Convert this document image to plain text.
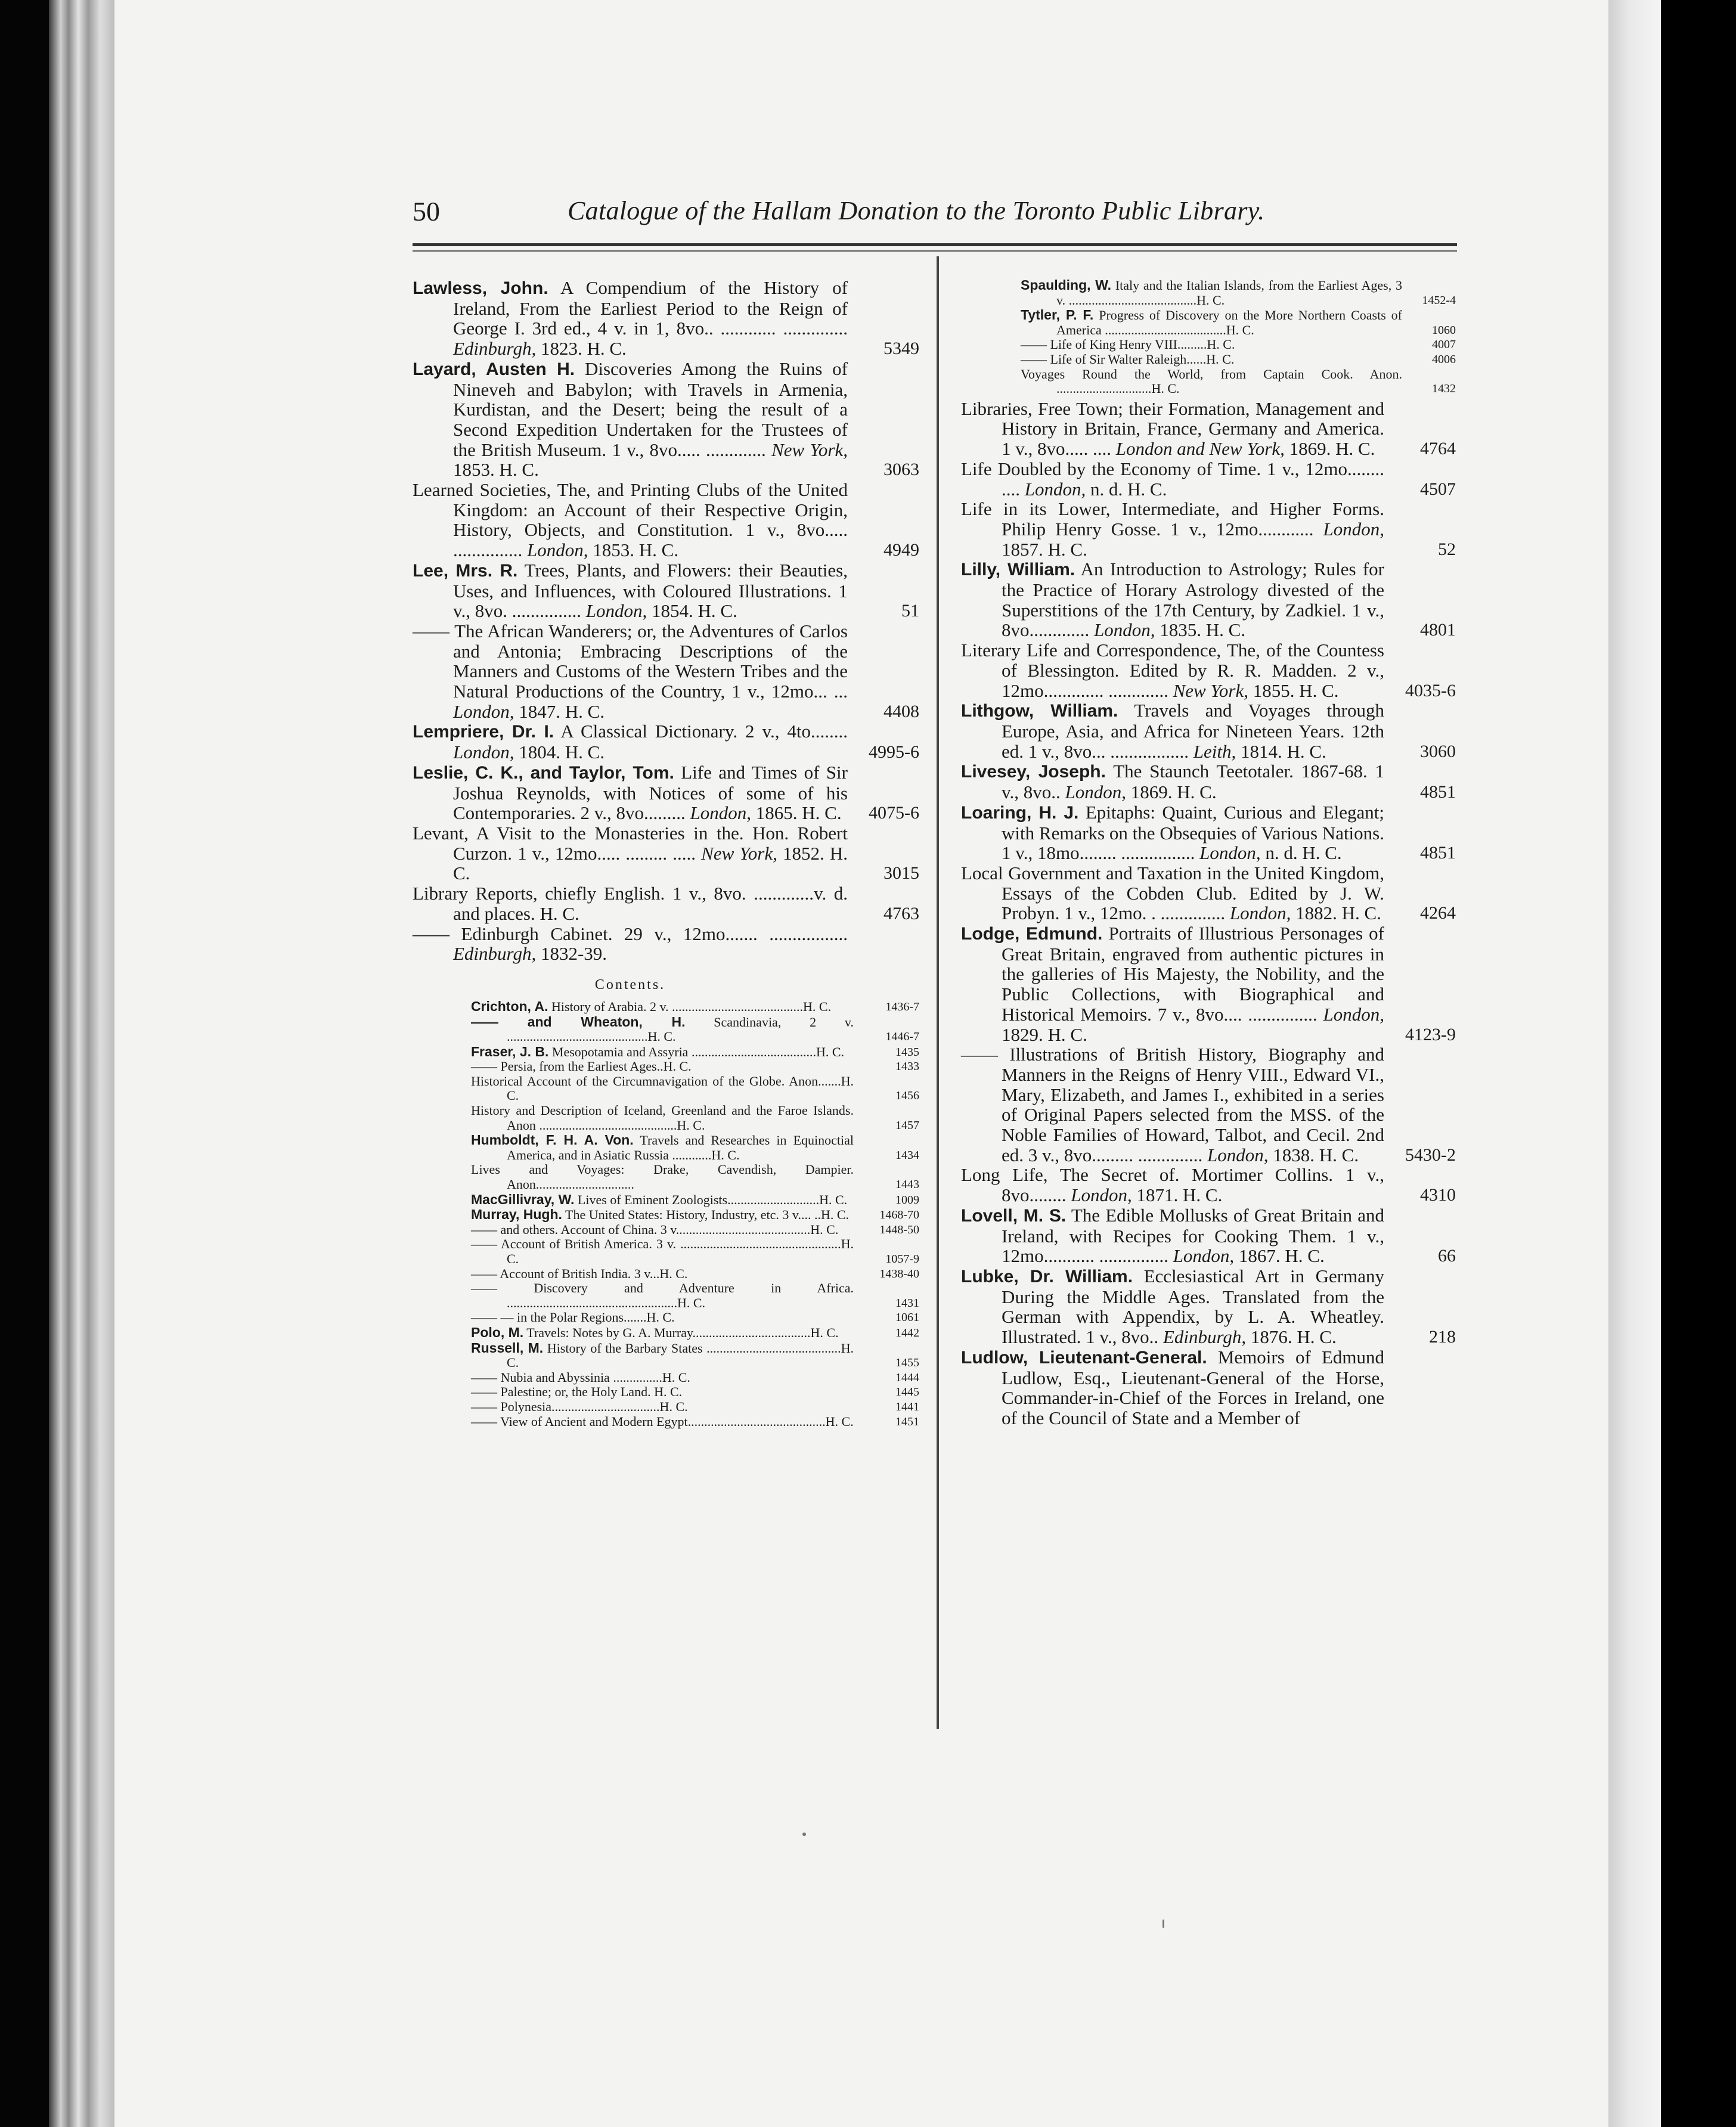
50	Catalogue of the Hallam Donation to the Toronto Public Library.
Lawless, John. A Compendium of the History of Ireland, From the Earliest Period to the Reign of George I. 3rd ed., 4 v. in 1, 8vo.. ............ .............. Edinburgh, 1823. H. C.	5349
Layard, Austen H. Discoveries Among the Ruins of Nineveh and Babylon; with Travels in Armenia, Kurdistan, and the Desert; being the result of a Second Expedition Undertaken for the Trustees of the British Museum. 1 v., 8vo..... ............. New York, 1853. H. C.	3063
Learned Societies, The, and Printing Clubs of the United Kingdom: an Account of their Respective Origin, History, Objects, and Constitution. 1 v., 8vo..... ............... London, 1853. H. C.	4949
Lee, Mrs. R. Trees, Plants, and Flowers: their Beauties, Uses, and Influences, with Coloured Illustrations. 1 v., 8vo. ............... London, 1854. H. C.	51
—— The African Wanderers; or, the Adventures of Carlos and Antonia; Embracing Descriptions of the Manners and Customs of the Western Tribes and the Natural Productions of the Country, 1 v., 12mo... ... London, 1847. H. C.	4408
Lempriere, Dr. I. A Classical Dictionary. 2 v., 4to........ London, 1804. H. C.	4995-6
Leslie, C. K., and Taylor, Tom. Life and Times of Sir Joshua Reynolds, with Notices of some of his Contemporaries. 2 v., 8vo......... London, 1865. H. C. 4075-6
Levant, A Visit to the Monasteries in the. Hon. Robert Curzon. 1 v., 12mo..... ......... ..... New York, 1852. H. C.	3015
Library Reports, chiefly English. 1 v., 8vo. .............v. d. and places. H. C.	4763
—— Edinburgh Cabinet. 29 v., 12mo....... ................. Edinburgh, 1832-39.
Contents.
Crichton, A. History of Arabia. 2 v. ........................................H. C.	1436-7
—— and Wheaton, H. Scandinavia, 2 v. ...........................................H. C.	1446-7
Fraser, J. B. Mesopotamia and Assyria ......................................H. C.	1435
—— Persia, from the Earliest Ages..H. C.	1433
Historical Account of the Circumnavigation of the Globe. Anon.......H. C.	1456
History and Description of Iceland, Greenland and the Faroe Islands. Anon ..........................................H. C.	1457
Humboldt, F. H. A. Von. Travels and Researches in Equinoctial America, and in Asiatic Russia ............H. C.	1434
Lives and Voyages: Drake, Cavendish, Dampier. Anon..............................	1443
MacGillivray, W. Lives of Eminent Zoologists............................H. C.	1009
Murray, Hugh. The United States: History, Industry, etc. 3 v.... ..H. C.	1468-70
—— and others. Account of China. 3 v.........................................H. C.	1448-50
—— Account of British America. 3 v. .................................................H. C.	1057-9
—— Account of British India. 3 v...H. C.	1438-40
—— Discovery and Adventure in Africa. ....................................................H. C.	1431
—— — in the Polar Regions.......H. C.	1061
Polo, M. Travels: Notes by G. A. Murray....................................H. C.	1442
Russell, M. History of the Barbary States .........................................H. C.	1455
—— Nubia and Abyssinia ...............H. C.	1444
—— Palestine; or, the Holy Land. H. C.	1445
—— Polynesia.................................H. C.	1441
—— View of Ancient and Modern Egypt..........................................H. C.	1451
Spaulding, W. Italy and the Italian Islands, from the Earliest Ages, 3 v. .......................................H. C.	1452-4
Tytler, P. F. Progress of Discovery on the More Northern Coasts of America .....................................H. C.	1060
—— Life of King Henry VIII.........H. C.	4007
—— Life of Sir Walter Raleigh......H. C.	4006
Voyages Round the World, from Captain Cook. Anon. .............................H. C.	1432
Libraries, Free Town; their Formation, Management and History in Britain, France, Germany and America. 1 v., 8vo..... .... London and New York, 1869. H. C.	4764
Life Doubled by the Economy of Time. 1 v., 12mo........ .... London, n. d. H. C.	4507
Life in its Lower, Intermediate, and Higher Forms. Philip Henry Gosse. 1 v., 12mo............ London, 1857. H. C.	52
Lilly, William. An Introduction to Astrology; Rules for the Practice of Horary Astrology divested of the Superstitions of the 17th Century, by Zadkiel. 1 v., 8vo............. London, 1835. H. C.	4801
Literary Life and Correspondence, The, of the Countess of Blessington. Edited by R. R. Madden. 2 v., 12mo............. ............. New York, 1855. H. C.	4035-6
Lithgow, William. Travels and Voyages through Europe, Asia, and Africa for Nineteen Years. 12th ed. 1 v., 8vo... ................. Leith, 1814. H. C.	3060
Livesey, Joseph. The Staunch Teetotaler. 1867-68. 1 v., 8vo.. London, 1869. H. C.	4851
Loaring, H. J. Epitaphs: Quaint, Curious and Elegant; with Remarks on the Obsequies of Various Nations. 1 v., 18mo........ ................ London, n. d. H. C.	4851
Local Government and Taxation in the United Kingdom, Essays of the Cobden Club. Edited by J. W. Probyn. 1 v., 12mo. . .............. London, 1882. H. C. 4264
Lodge, Edmund. Portraits of Illustrious Personages of Great Britain, engraved from authentic pictures in the galleries of His Majesty, the Nobility, and the Public Collections, with Biographical and Historical Memoirs. 7 v., 8vo.... ............... London, 1829. H. C.	4123-9
—— Illustrations of British History, Biography and Manners in the Reigns of Henry VIII., Edward VI., Mary, Elizabeth, and James I., exhibited in a series of Original Papers selected from the MSS. of the Noble Families of Howard, Talbot, and Cecil. 2nd ed. 3 v., 8vo......... .............. London, 1838. H. C.	5430-2
Long Life, The Secret of. Mortimer Collins. 1 v., 8vo........ London, 1871. H. C.	4310
Lovell, M. S. The Edible Mollusks of Great Britain and Ireland, with Recipes for Cooking Them. 1 v., 12mo........... ............... London, 1867. H. C.	66
Lubke, Dr. William. Ecclesiastical Art in Germany During the Middle Ages. Translated from the German with Appendix, by L. A. Wheatley. Illustrated. 1 v., 8vo.. Edinburgh, 1876. H. C.	218
Ludlow, Lieutenant-General. Memoirs of Edmund Ludlow, Esq., Lieutenant-General of the Horse, Commander-in-Chief of the Forces in Ireland, one of the Council of State and a Member of
